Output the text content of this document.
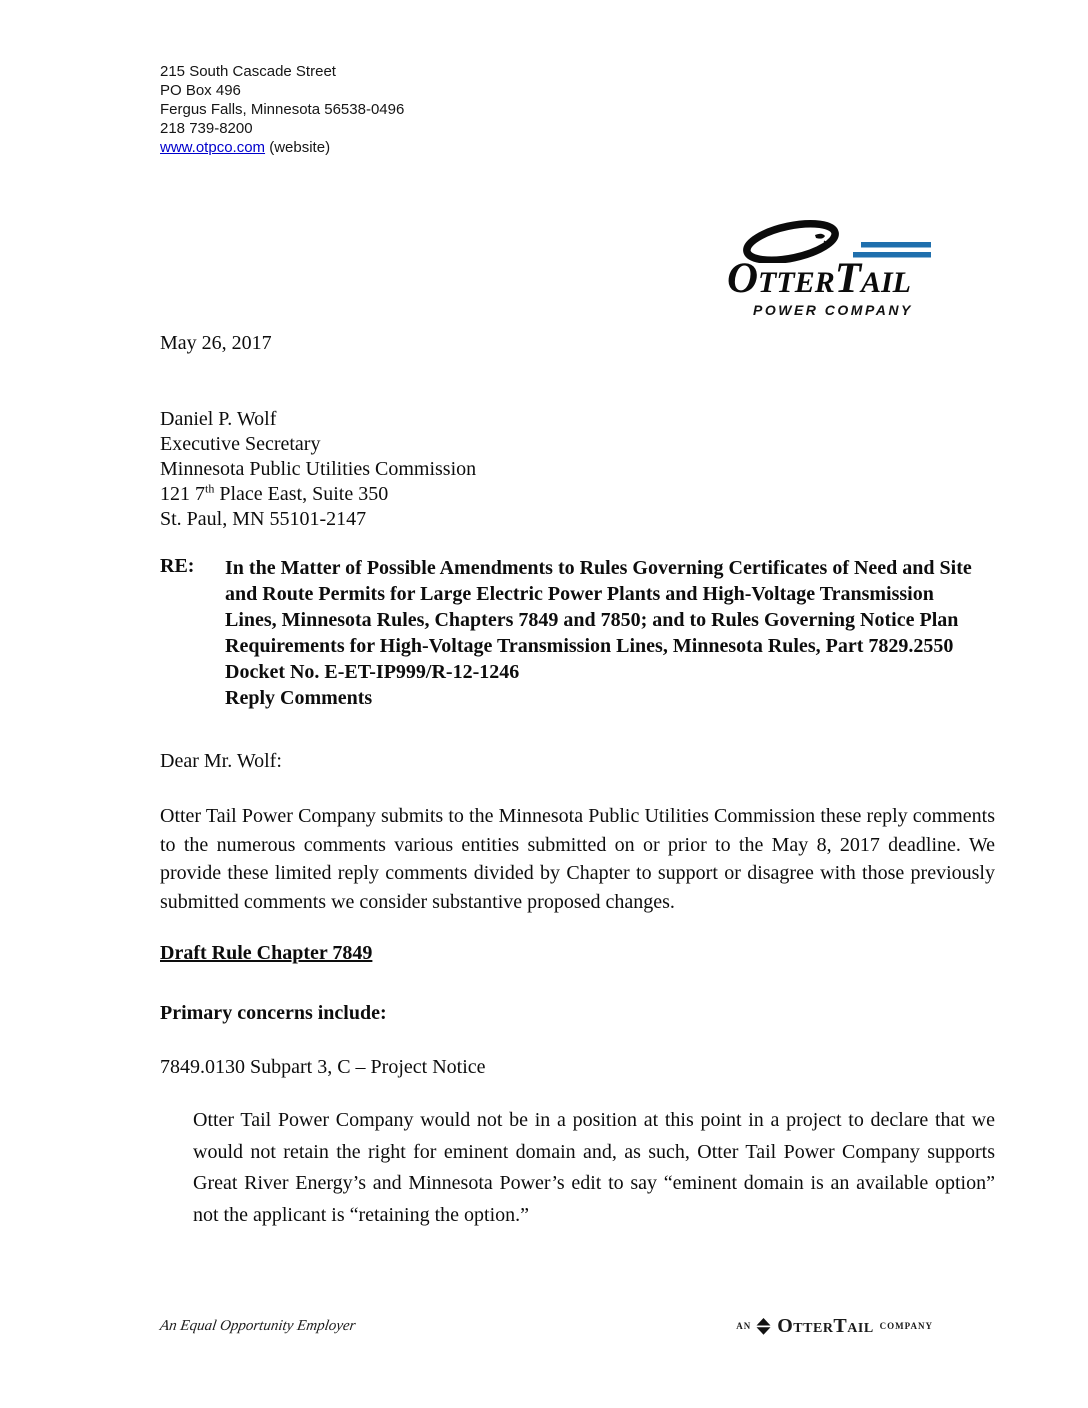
215 South Cascade Street
PO Box 496
Fergus Falls, Minnesota 56538-0496
218 739-8200
www.otpco.com (website)
OtterTail
POWER COMPANY
May 26, 2017
Daniel P. Wolf
Executive Secretary
Minnesota Public Utilities Commission
121 7th Place East, Suite 350
St. Paul, MN 55101-2147
RE:	In the Matter of Possible Amendments to Rules Governing Certificates of Need and Site
and Route Permits for Large Electric Power Plants and High-Voltage Transmission
Lines, Minnesota Rules, Chapters 7849 and 7850; and to Rules Governing Notice Plan
Requirements for High-Voltage Transmission Lines, Minnesota Rules, Part 7829.2550
Docket No. E-ET-IP999/R-12-1246
Reply Comments
Dear Mr. Wolf:
Otter Tail Power Company submits to the Minnesota Public Utilities Commission these reply comments to the numerous comments various entities submitted on or prior to the May 8, 2017 deadline. We provide these limited reply comments divided by Chapter to support or disagree with those previously submitted comments we consider substantive proposed changes.
Draft Rule Chapter 7849
Primary concerns include:
7849.0130 Subpart 3, C – Project Notice
Otter Tail Power Company would not be in a position at this point in a project to declare that we would not retain the right for eminent domain and, as such, Otter Tail Power Company supports Great River Energy’s and Minnesota Power’s edit to say “eminent domain is an available option” not the applicant is “retaining the option.”
An Equal Opportunity Employer	AN OtterTail COMPANY
